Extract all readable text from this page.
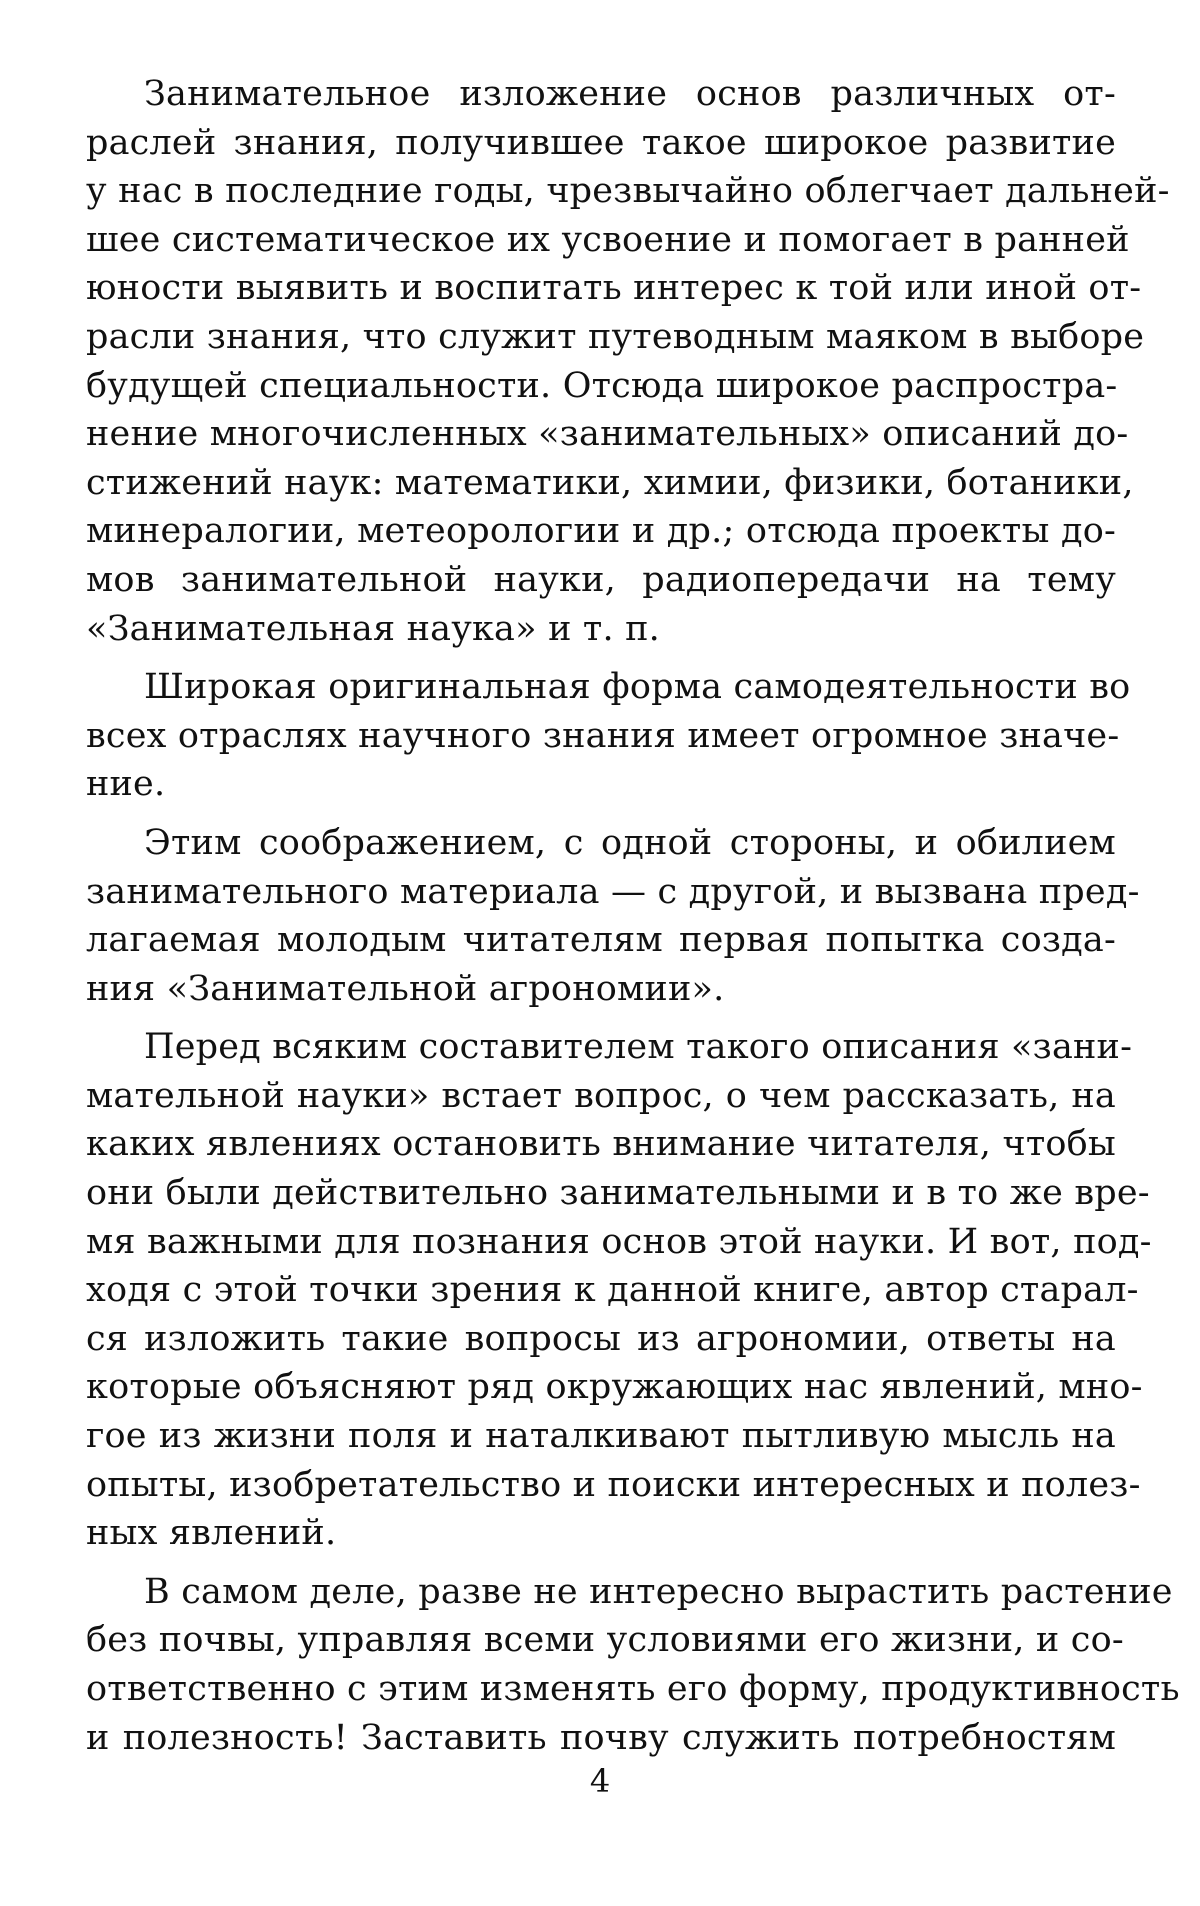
Занимательное изложение основ различных от-
раслей знания, получившее такое широкое развитие
у нас в последние годы, чрезвычайно облегчает дальней-
шее систематическое их усвоение и помогает в ранней
юности выявить и воспитать интерес к той или иной от-
расли знания, что служит путеводным маяком в выборе
будущей специальности. Отсюда широкое распростра-
нение многочисленных «занимательных» описаний до-
стижений наук: математики, химии, физики, ботаники,
минералогии, метеорологии и др.; отсюда проекты до-
мов занимательной науки, радиопередачи на тему
«Занимательная наука» и т. п.
Широкая оригинальная форма самодеятельности во
всех отраслях научного знания имеет огромное значе-
ние.
Этим соображением, с одной стороны, и обилием
занимательного материала — с другой, и вызвана пред-
лагаемая молодым читателям первая попытка созда-
ния «Занимательной агрономии».
Перед всяким составителем такого описания «зани-
мательной науки» встает вопрос, о чем рассказать, на
каких явлениях остановить внимание читателя, чтобы
они были действительно занимательными и в то же вре-
мя важными для познания основ этой науки. И вот, под-
ходя с этой точки зрения к данной книге, автор старал-
ся изложить такие вопросы из агрономии, ответы на
которые объясняют ряд окружающих нас явлений, мно-
гое из жизни поля и наталкивают пытливую мысль на
опыты, изобретательство и поиски интересных и полез-
ных явлений.
В самом деле, разве не интересно вырастить растение
без почвы, управляя всеми условиями его жизни, и со-
ответственно с этим изменять его форму, продуктивность
и полезность! Заставить почву служить потребностям
4
